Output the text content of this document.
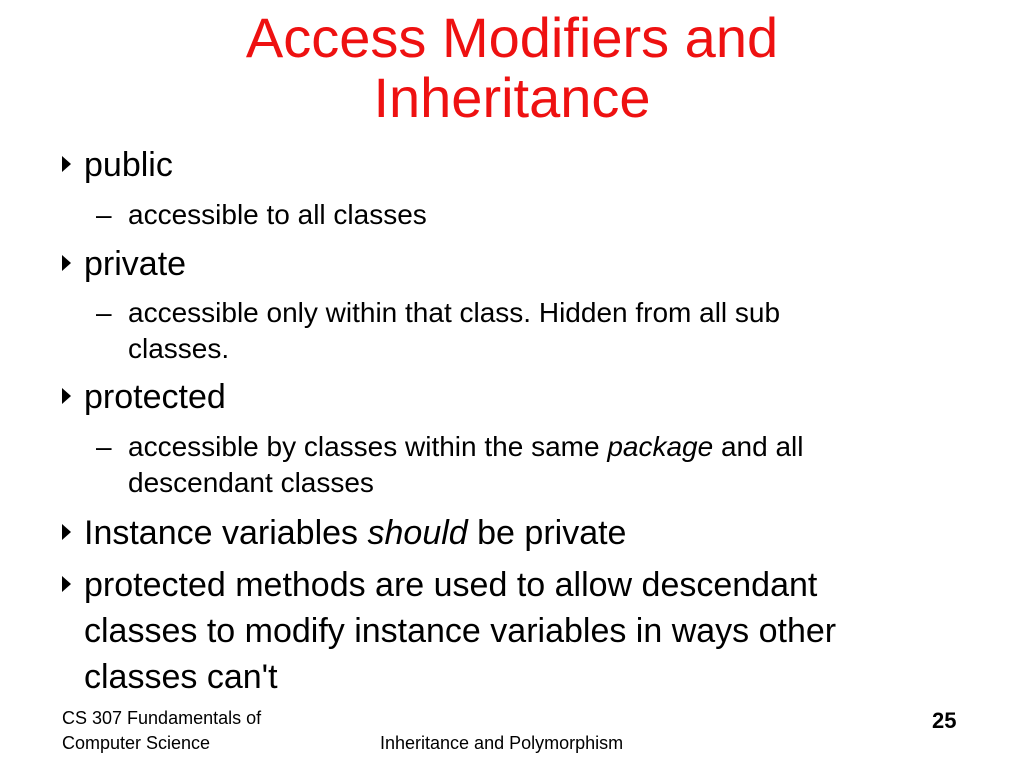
Access Modifiers and
Inheritance
public
– accessible to all classes
private
– accessible only within that class. Hidden from all sub
classes.
protected
– accessible by classes within the same package and all
descendant classes
Instance variables should be private
protected methods are used to allow descendant
classes to modify instance variables in ways other
classes can't
CS 307 Fundamentals of
Computer Science	Inheritance and Polymorphism
25
